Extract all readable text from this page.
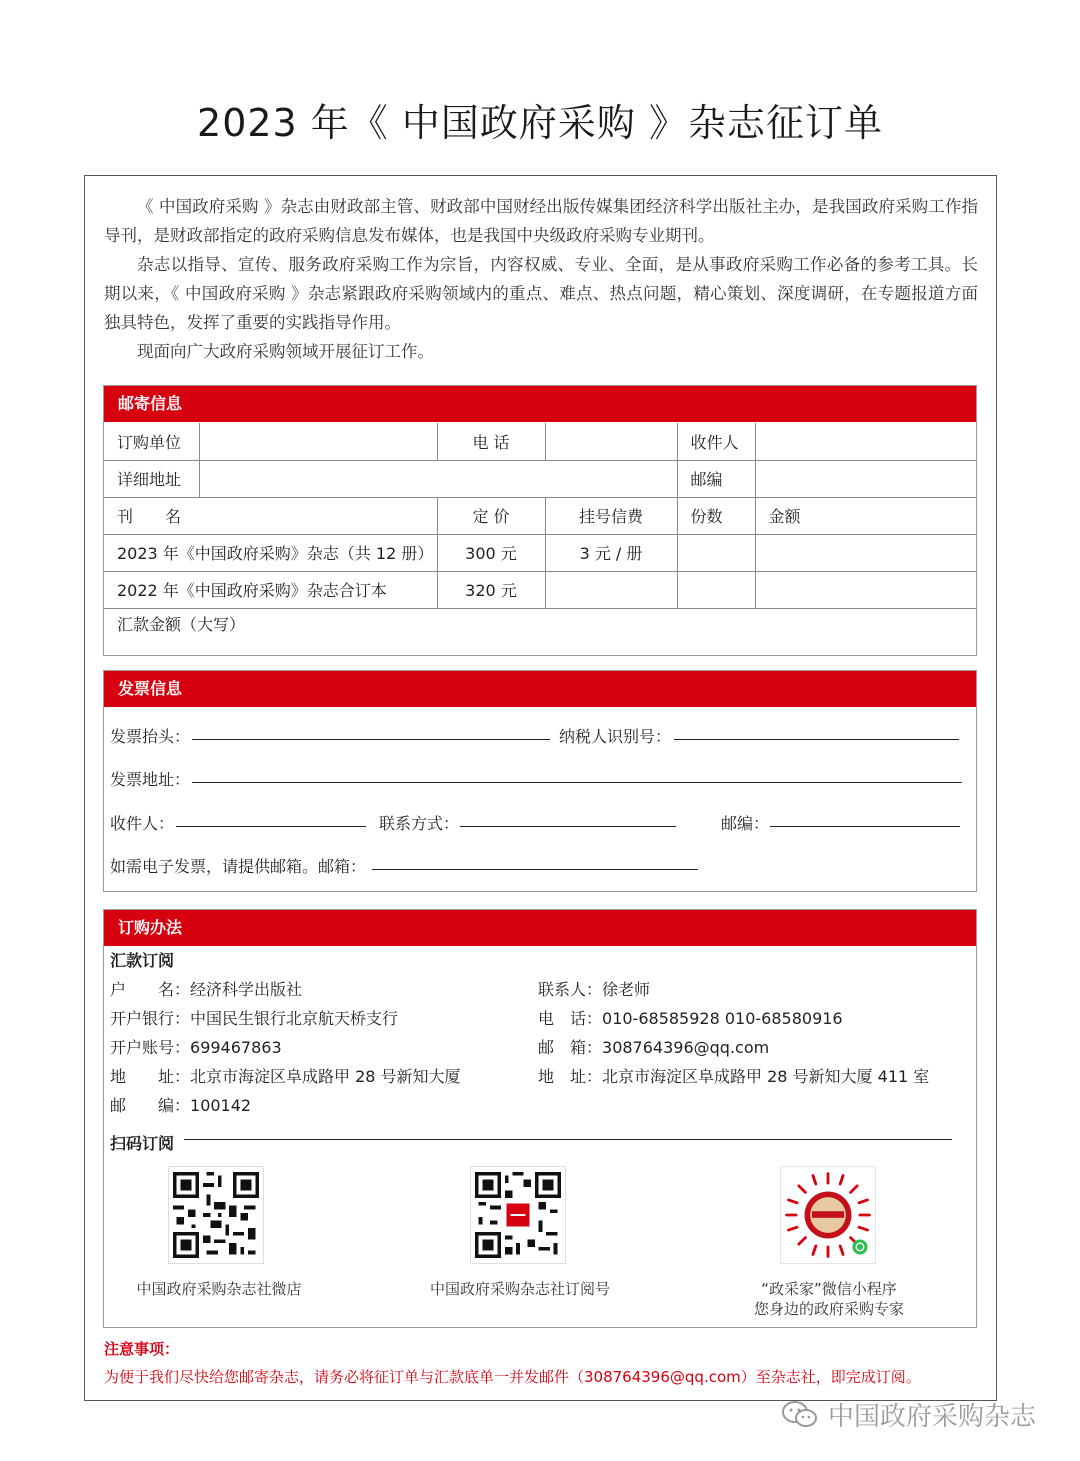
2023 年《 中国政府采购 》杂志征订单

《 中国政府采购 》杂志由财政部主管、财政部中国财经出版传媒集团经济科学出版社主办，是我国政府采购工作指导刊，是财政部指定的政府采购信息发布媒体，也是我国中央级政府采购专业期刊。

杂志以指导、宣传、服务政府采购工作为宗旨，内容权威、专业、全面，是从事政府采购工作必备的参考工具。长期以来，《 中国政府采购 》杂志紧跟政府采购领域内的重点、难点、热点问题，精心策划、深度调研，在专题报道方面独具特色，发挥了重要的实践指导作用。

现面向广大政府采购领域开展征订工作。

邮寄信息
订购单位		电 话		收件人	
详细地址				邮编	
刊　　名		定 价	挂号信费	份数	金额
2023 年《中国政府采购》杂志（共 12 册）		300 元	3 元 / 册		
2022 年《中国政府采购》杂志合订本		320 元			
汇款金额（大写）
发票信息
发票抬头：	纳税人识别号：
发票地址：
收件人：	联系方式：	邮编：
如需电子发票，请提供邮箱。邮箱：
订购办法
汇款订阅
户　　名：经济科学出版社
开户银行：中国民生银行北京航天桥支行
开户账号：699467863
地　　址：北京市海淀区阜成路甲 28 号新知大厦
邮　　编：100142
联系人：徐老师
电　话：010-68585928 010-68580916
邮　箱：308764396@qq.com
地　址：北京市海淀区阜成路甲 28 号新知大厦 411 室
扫码订阅
中国政府采购杂志社微店	中国政府采购杂志社订阅号	“政采家”微信小程序
您身边的政府采购专家
注意事项：
为便于我们尽快给您邮寄杂志，请务必将征订单与汇款底单一并发邮件（308764396@qq.com）至杂志社，即完成订阅。
中国政府采购杂志
